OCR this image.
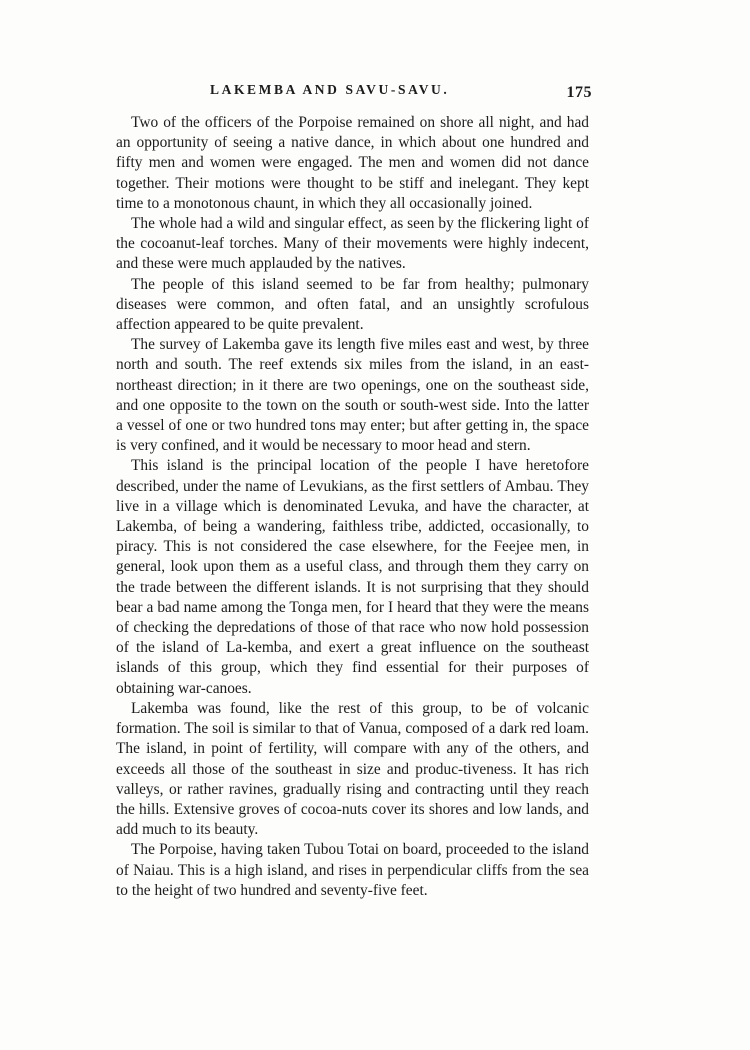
LAKEMBA AND SAVU-SAVU.	175

Two of the officers of the Porpoise remained on shore all night, and had an opportunity of seeing a native dance, in which about one hundred and fifty men and women were engaged. The men and women did not dance together. Their motions were thought to be stiff and inelegant. They kept time to a monotonous chaunt, in which they all occasionally joined.

The whole had a wild and singular effect, as seen by the flickering light of the cocoanut-leaf torches. Many of their movements were highly indecent, and these were much applauded by the natives.

The people of this island seemed to be far from healthy; pulmonary diseases were common, and often fatal, and an unsightly scrofulous affection appeared to be quite prevalent.

The survey of Lakemba gave its length five miles east and west, by three north and south. The reef extends six miles from the island, in an east-northeast direction; in it there are two openings, one on the southeast side, and one opposite to the town on the south or south-west side. Into the latter a vessel of one or two hundred tons may enter; but after getting in, the space is very confined, and it would be necessary to moor head and stern.

This island is the principal location of the people I have heretofore described, under the name of Levukians, as the first settlers of Ambau. They live in a village which is denominated Levuka, and have the character, at Lakemba, of being a wandering, faithless tribe, addicted, occasionally, to piracy. This is not considered the case elsewhere, for the Feejee men, in general, look upon them as a useful class, and through them they carry on the trade between the different islands. It is not surprising that they should bear a bad name among the Tonga men, for I heard that they were the means of checking the depredations of those of that race who now hold possession of the island of La-kemba, and exert a great influence on the southeast islands of this group, which they find essential for their purposes of obtaining war-canoes.

Lakemba was found, like the rest of this group, to be of volcanic formation. The soil is similar to that of Vanua, composed of a dark red loam. The island, in point of fertility, will compare with any of the others, and exceeds all those of the southeast in size and produc-tiveness. It has rich valleys, or rather ravines, gradually rising and contracting until they reach the hills. Extensive groves of cocoa-nuts cover its shores and low lands, and add much to its beauty.

The Porpoise, having taken Tubou Totai on board, proceeded to the island of Naiau. This is a high island, and rises in perpendicular cliffs from the sea to the height of two hundred and seventy-five feet.
